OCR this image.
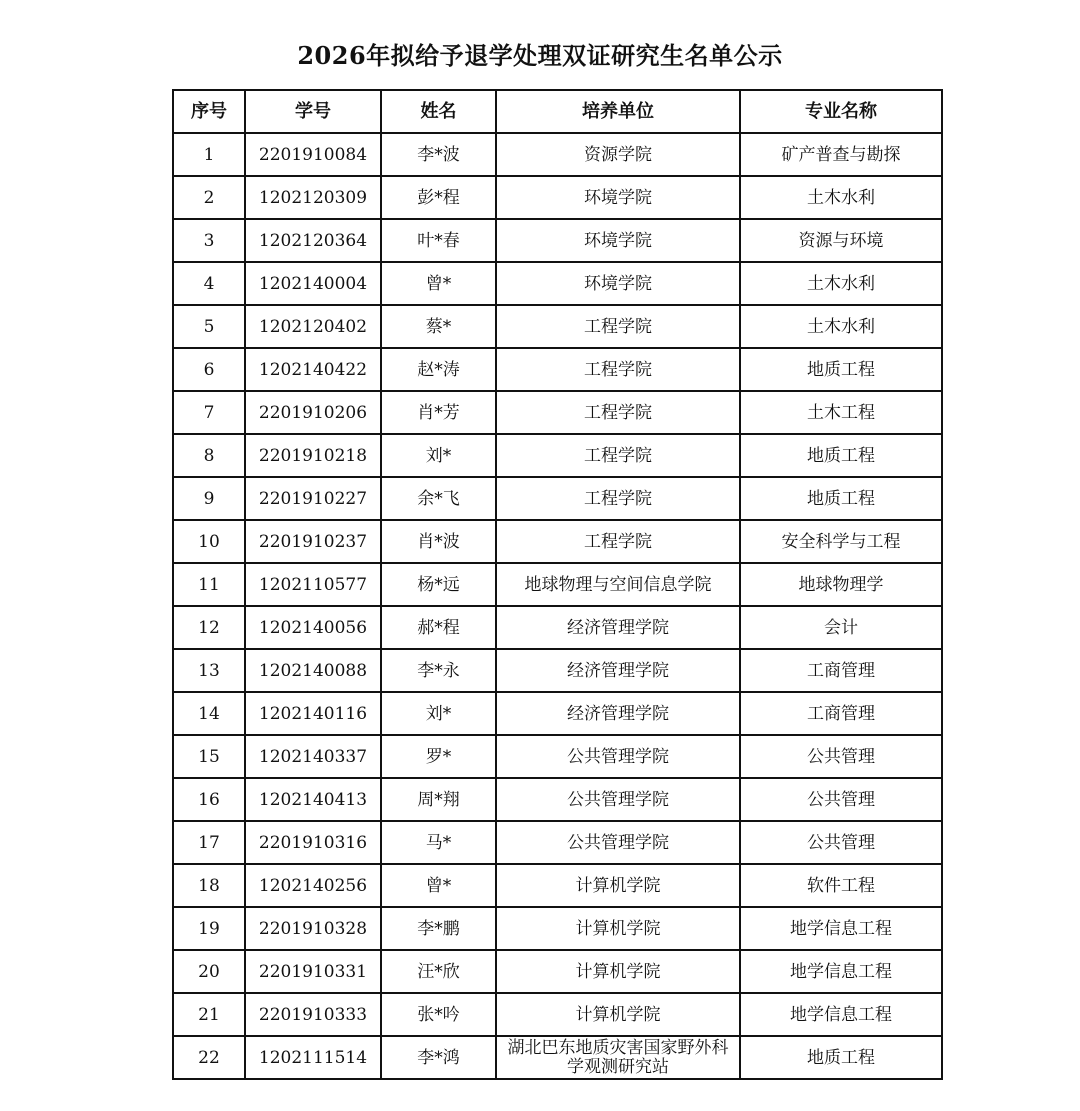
2026年拟给予退学处理双证研究生名单公示
序号	学号	姓名	培养单位	专业名称
1	2201910084	李*波	资源学院	矿产普查与勘探
2	1202120309	彭*程	环境学院	土木水利
3	1202120364	叶*春	环境学院	资源与环境
4	1202140004	曾*	环境学院	土木水利
5	1202120402	蔡*	工程学院	土木水利
6	1202140422	赵*涛	工程学院	地质工程
7	2201910206	肖*芳	工程学院	土木工程
8	2201910218	刘*	工程学院	地质工程
9	2201910227	余*飞	工程学院	地质工程
10	2201910237	肖*波	工程学院	安全科学与工程
11	1202110577	杨*远	地球物理与空间信息学院	地球物理学
12	1202140056	郝*程	经济管理学院	会计
13	1202140088	李*永	经济管理学院	工商管理
14	1202140116	刘*	经济管理学院	工商管理
15	1202140337	罗*	公共管理学院	公共管理
16	1202140413	周*翔	公共管理学院	公共管理
17	2201910316	马*	公共管理学院	公共管理
18	1202140256	曾*	计算机学院	软件工程
19	2201910328	李*鹏	计算机学院	地学信息工程
20	2201910331	汪*欣	计算机学院	地学信息工程
21	2201910333	张*吟	计算机学院	地学信息工程
22	1202111514	李*鸿	湖北巴东地质灾害国家野外科学观测研究站	地质工程
